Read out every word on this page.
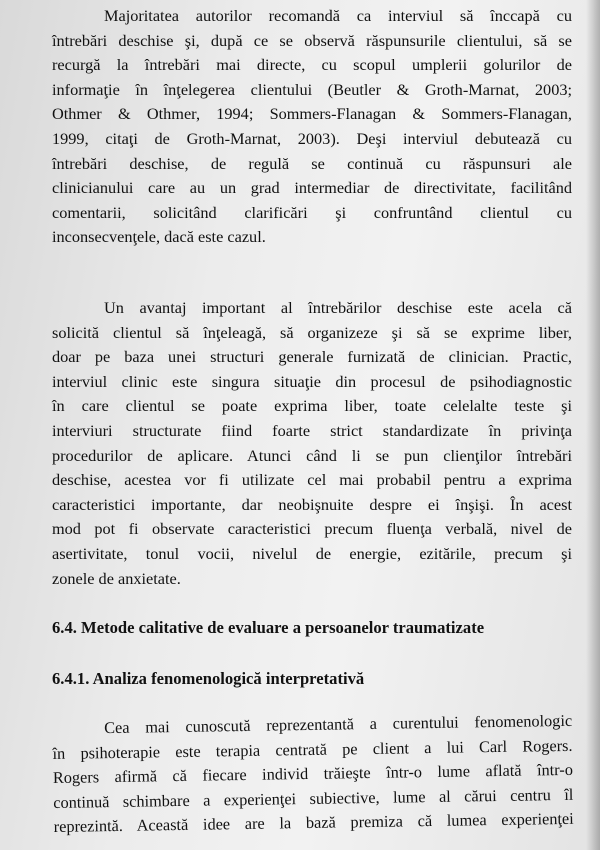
Majoritatea autorilor recomandă ca interviul să înccapă cu
întrebări deschise şi, după ce se observă răspunsurile clientului, să se
recurgă la întrebări mai directe, cu scopul umplerii golurilor de
informaţie în înţelegerea clientului (Beutler & Groth-Marnat, 2003;
Othmer & Othmer, 1994; Sommers-Flanagan & Sommers-Flanagan,
1999, citaţi de Groth-Marnat, 2003). Deşi interviul debutează cu
întrebări deschise, de regulă se continuă cu răspunsuri ale
clinicianului care au un grad intermediar de directivitate, facilitând
comentarii, solicitând clarificări şi confruntând clientul cu
inconsecvenţele, dacă este cazul.
Un avantaj important al întrebărilor deschise este acela că
solicită clientul să înţeleagă, să organizeze şi să se exprime liber,
doar pe baza unei structuri generale furnizată de clinician. Practic,
interviul clinic este singura situaţie din procesul de psihodiagnostic
în care clientul se poate exprima liber, toate celelalte teste şi
interviuri structurate fiind foarte strict standardizate în privinţa
procedurilor de aplicare. Atunci când li se pun clienţilor întrebări
deschise, acestea vor fi utilizate cel mai probabil pentru a exprima
caracteristici importante, dar neobişnuite despre ei înşişi. În acest
mod pot fi observate caracteristici precum fluenţa verbală, nivel de
asertivitate, tonul vocii, nivelul de energie, ezitările, precum şi
zonele de anxietate.
6.4. Metode calitative de evaluare a persoanelor traumatizate
6.4.1. Analiza fenomenologică interpretativă
Cea mai cunoscută reprezentantă a curentului fenomenologic
în psihoterapie este terapia centrată pe client a lui Carl Rogers.
Rogers afirmă că fiecare individ trăieşte într-o lume aflată într-o
continuă schimbare a experienţei subiective, lume al cărui centru îl
reprezintă. Această idee are la bază premiza că lumea experienţei
